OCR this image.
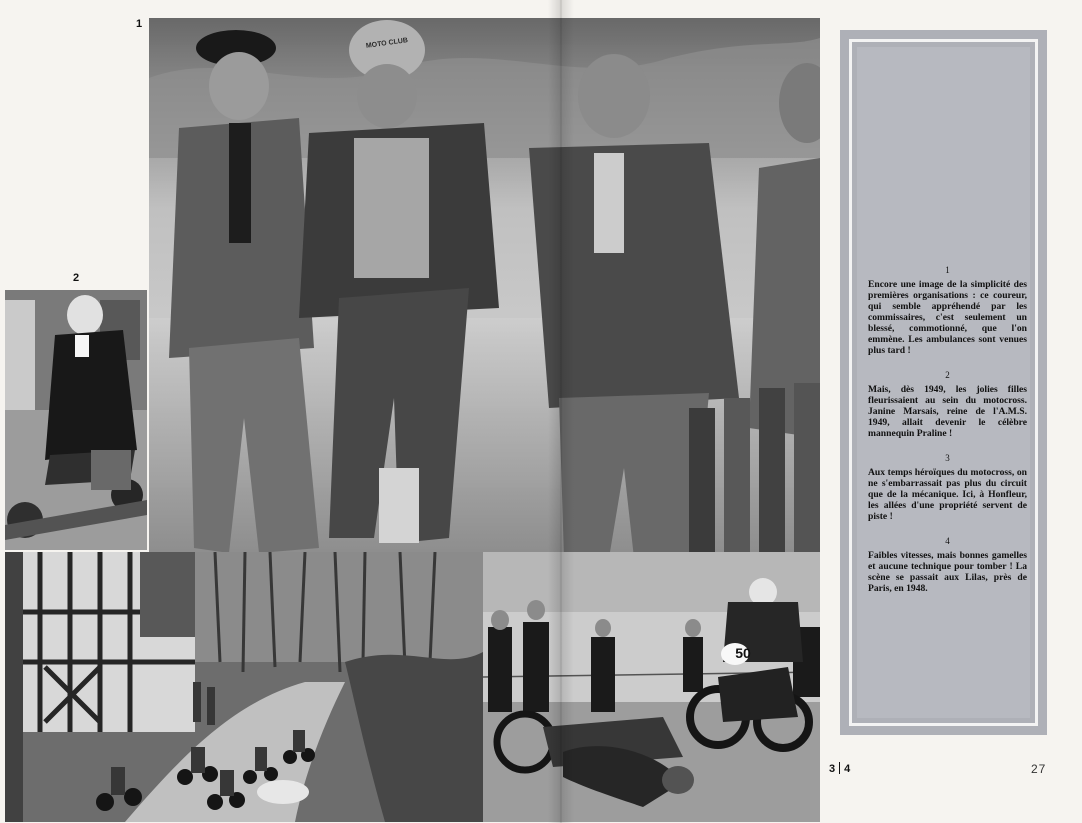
1
2
MOTO CLUB
50
1
Encore une image de la simplicité des premières organisations : ce coureur, qui semble appréhendé par les commissaires, c'est seulement un blessé, commotionné, que l'on emmène. Les ambulances sont venues plus tard !
2
Mais, dès 1949, les jolies filles fleurissaient au sein du motocross. Janine Marsais, reine de l'A.M.S. 1949, allait devenir le célèbre mannequin Praline !
3
Aux temps héroïques du motocross, on ne s'embarrassait pas plus du circuit que de la mécanique. Ici, à Honfleur, les allées d'une propriété servent de piste !
4
Faibles vitesses, mais bonnes gamelles et aucune technique pour tomber ! La scène se passait aux Lilas, près de Paris, en 1948.
3 4	27
